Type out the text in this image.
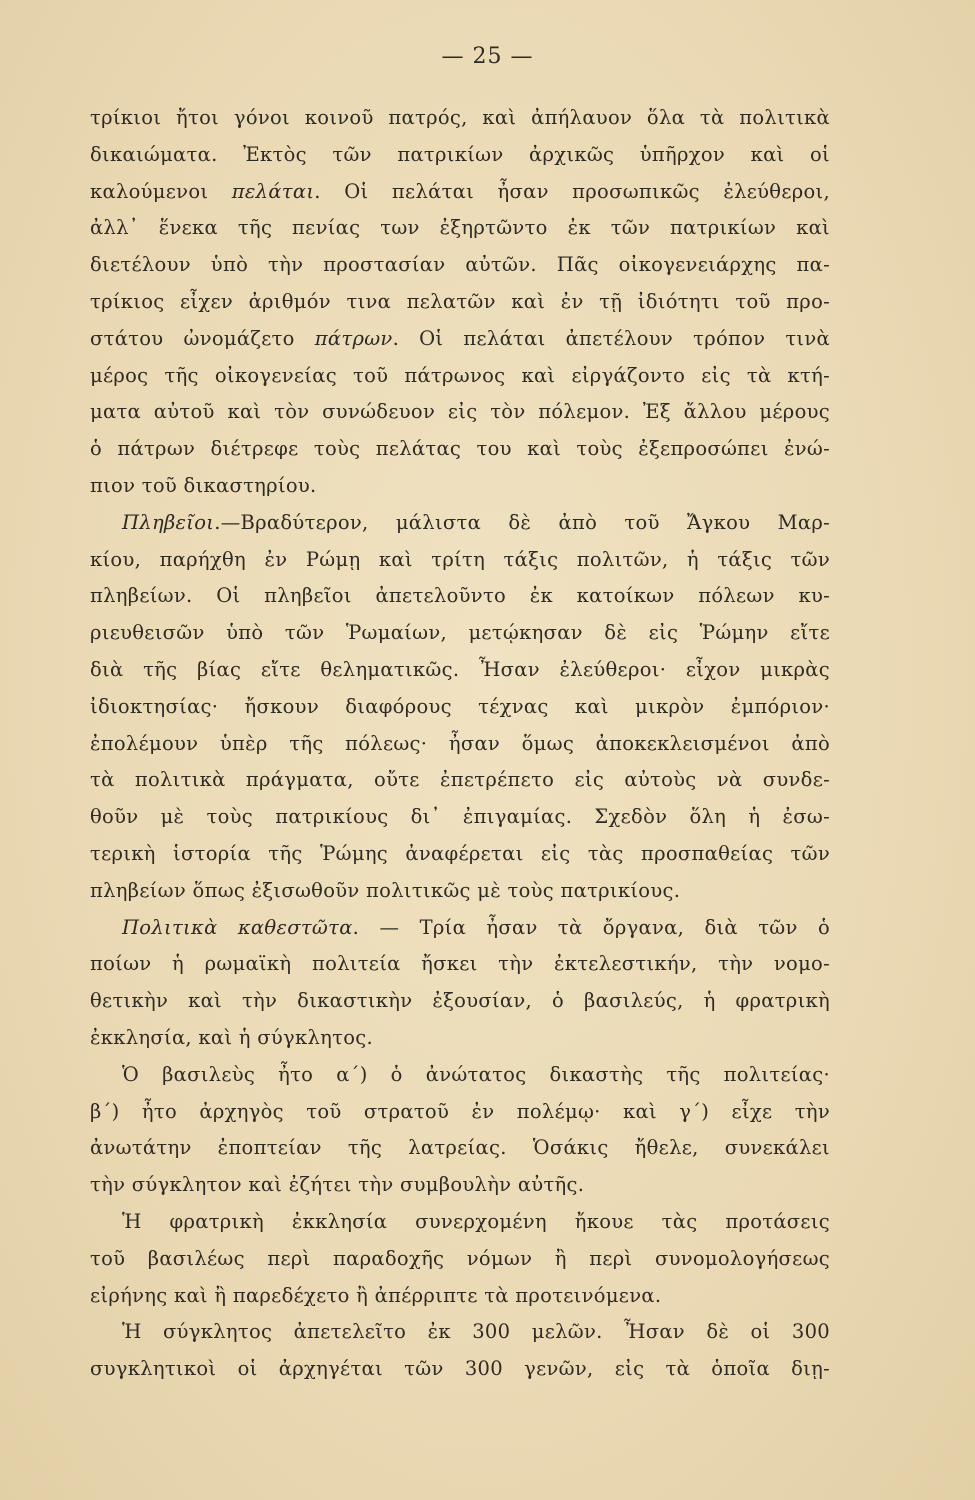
— 25 —
τρίκιοι ἤτοι γόνοι κοινοῦ πατρός, καὶ ἀπήλαυον ὅλα τὰ πολιτικὰ
δικαιώματα. Ἐκτὸς τῶν πατρικίων ἀρχικῶς ὑπῆρχον καὶ οἱ
καλούμενοι πελάται. Οἱ πελάται ἦσαν προσωπικῶς ἐλεύθεροι,
ἀλλ᾽ ἕνεκα τῆς πενίας των ἐξηρτῶντο ἐκ τῶν πατρικίων καὶ
διετέλουν ὑπὸ τὴν προστασίαν αὐτῶν. Πᾶς οἰκογενειάρχης πα-
τρίκιος εἶχεν ἀριθμόν τινα πελατῶν καὶ ἐν τῇ ἰδιότητι τοῦ προ-
στάτου ὠνομάζετο πάτρων. Οἱ πελάται ἀπετέλουν τρόπον τινὰ
μέρος τῆς οἰκογενείας τοῦ πάτρωνος καὶ εἰργάζοντο εἰς τὰ κτή-
ματα αὐτοῦ καὶ τὸν συνώδευον εἰς τὸν πόλεμον. Ἐξ ἄλλου μέρους
ὁ πάτρων διέτρεφε τοὺς πελάτας του καὶ τοὺς ἐξεπροσώπει ἐνώ-
πιον τοῦ δικαστηρίου.
Πληβεῖοι.—Βραδύτερον, μάλιστα δὲ ἀπὸ τοῦ Ἄγκου Μαρ-
κίου, παρήχθη ἐν Ρώμῃ καὶ τρίτη τάξις πολιτῶν, ἡ τάξις τῶν
πληβείων. Οἱ πληβεῖοι ἀπετελοῦντο ἐκ κατοίκων πόλεων κυ-
ριευθεισῶν ὑπὸ τῶν Ῥωμαίων, μετῴκησαν δὲ εἰς Ῥώμην εἴτε
διὰ τῆς βίας εἴτε θεληματικῶς. Ἦσαν ἐλεύθεροι· εἶχον μικρὰς
ἰδιοκτησίας· ἤσκουν διαφόρους τέχνας καὶ μικρὸν ἐμπόριον·
ἐπολέμουν ὑπὲρ τῆς πόλεως· ἦσαν ὅμως ἀποκεκλεισμένοι ἀπὸ
τὰ πολιτικὰ πράγματα, οὔτε ἐπετρέπετο εἰς αὐτοὺς νὰ συνδε-
θοῦν μὲ τοὺς πατρικίους δι᾽ ἐπιγαμίας. Σχεδὸν ὅλη ἡ ἐσω-
τερικὴ ἱστορία τῆς Ῥώμης ἀναφέρεται εἰς τὰς προσπαθείας τῶν
πληβείων ὅπως ἐξισωθοῦν πολιτικῶς μὲ τοὺς πατρικίους.
Πολιτικὰ καθεστῶτα. — Τρία ἦσαν τὰ ὄργανα, διὰ τῶν ὁ
ποίων ἡ ρωμαϊκὴ πολιτεία ἤσκει τὴν ἐκτελεστικήν, τὴν νομο-
θετικὴν καὶ τὴν δικαστικὴν ἐξουσίαν, ὁ βασιλεύς, ἡ φρατρικὴ
ἐκκλησία, καὶ ἡ σύγκλητος.
Ὁ βασιλεὺς ἦτο α΄) ὁ ἀνώτατος δικαστὴς τῆς πολιτείας·
β΄) ἦτο ἀρχηγὸς τοῦ στρατοῦ ἐν πολέμῳ· καὶ γ΄) εἶχε τὴν
ἀνωτάτην ἐποπτείαν τῆς λατρείας. Ὁσάκις ἤθελε, συνεκάλει
τὴν σύγκλητον καὶ ἐζήτει τὴν συμβουλὴν αὐτῆς.
Ἡ φρατρικὴ ἐκκλησία συνερχομένη ἤκουε τὰς προτάσεις
τοῦ βασιλέως περὶ παραδοχῆς νόμων ἢ περὶ συνομολογήσεως
εἰρήνης καὶ ἢ παρεδέχετο ἢ ἀπέρριπτε τὰ προτεινόμενα.
Ἡ σύγκλητος ἀπετελεῖτο ἐκ 300 μελῶν. Ἦσαν δὲ οἱ 300
συγκλητικοὶ οἱ ἀρχηγέται τῶν 300 γενῶν, εἰς τὰ ὁποῖα διῃ-
